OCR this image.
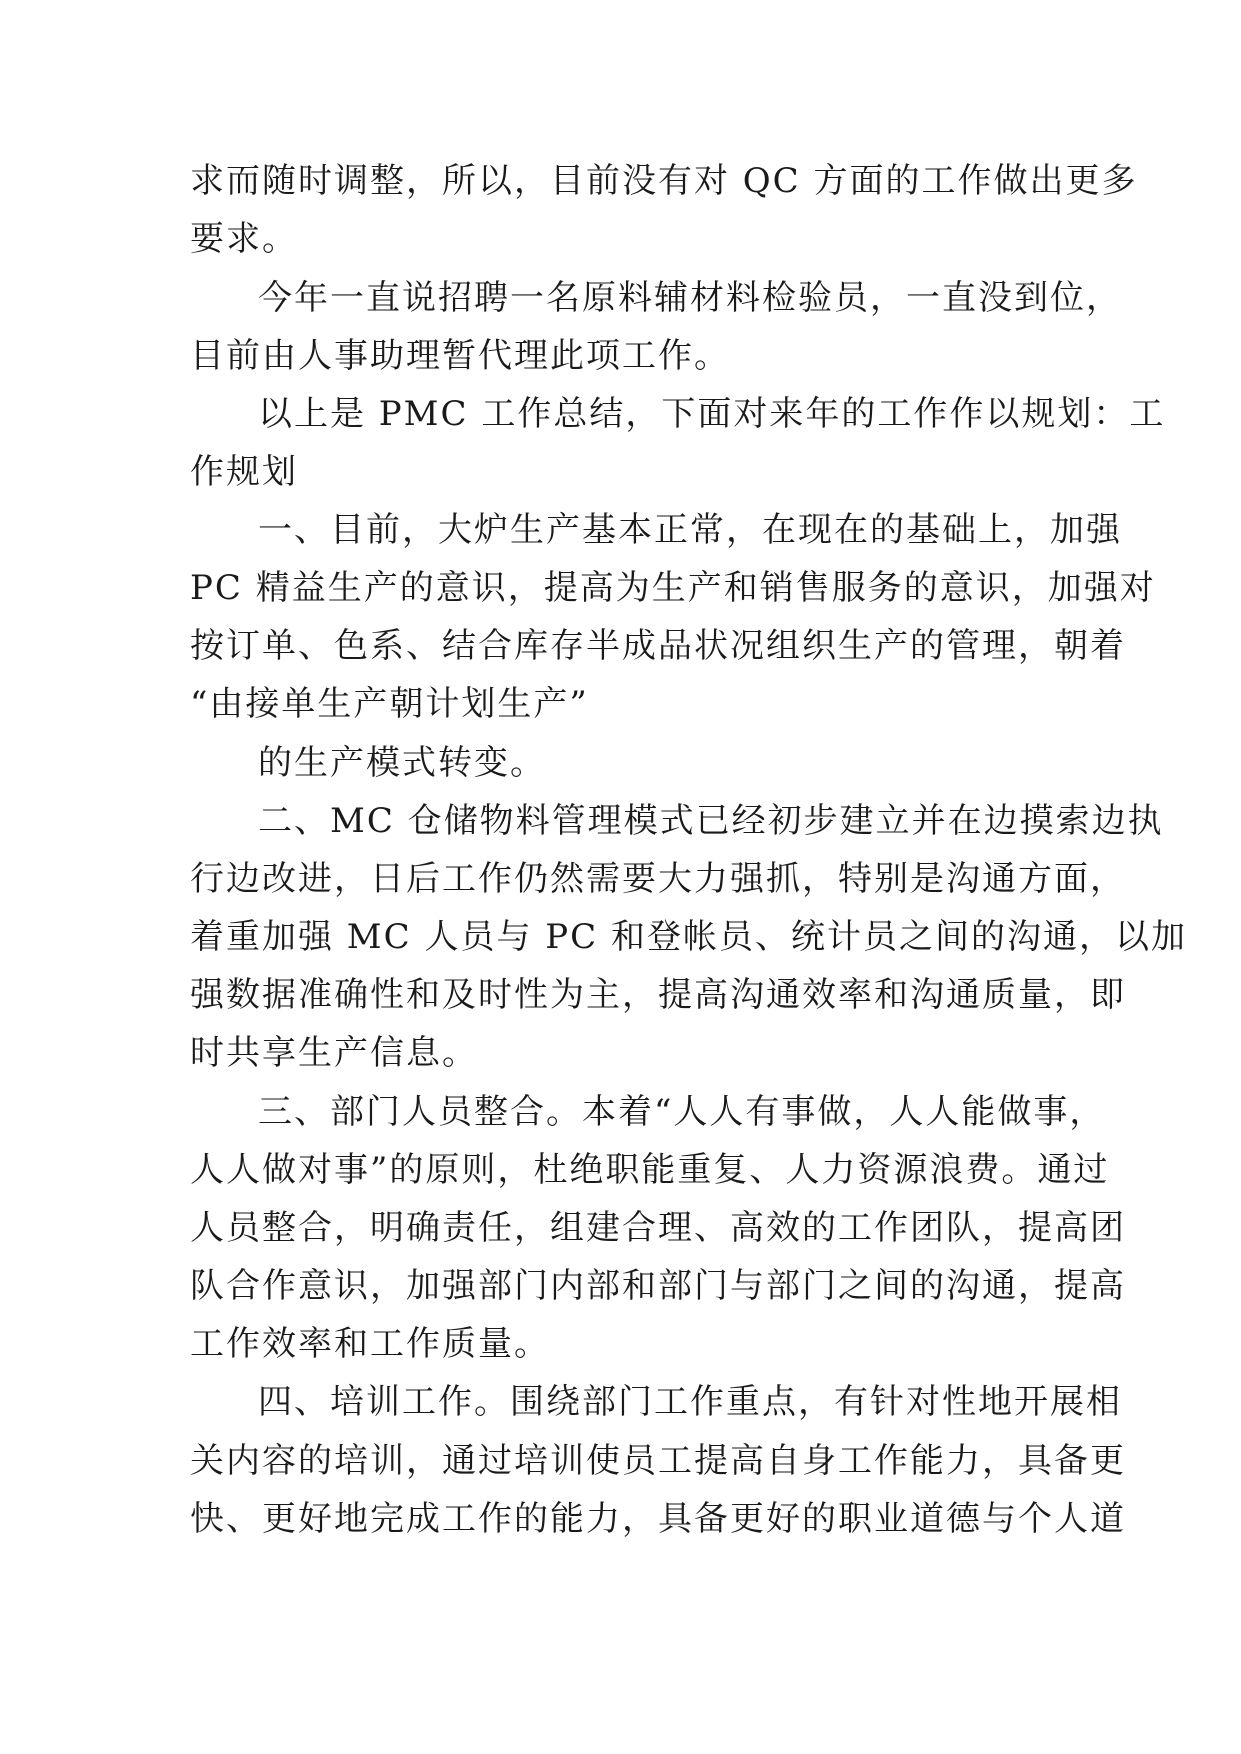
求而随时调整，所以，目前没有对 QC 方面的工作做出更多
要求。
今年一直说招聘一名原料辅材料检验员，一直没到位，
目前由人事助理暂代理此项工作。
以上是 PMC 工作总结，下面对来年的工作作以规划：工
作规划
一、目前，大炉生产基本正常，在现在的基础上，加强
PC 精益生产的意识，提高为生产和销售服务的意识，加强对
按订单、色系、结合库存半成品状况组织生产的管理，朝着
“由接单生产朝计划生产”
的生产模式转变。
二、MC 仓储物料管理模式已经初步建立并在边摸索边执
行边改进，日后工作仍然需要大力强抓，特别是沟通方面，
着重加强 MC 人员与 PC 和登帐员、统计员之间的沟通，以加
强数据准确性和及时性为主，提高沟通效率和沟通质量，即
时共享生产信息。
三、部门人员整合。本着“人人有事做，人人能做事，
人人做对事”的原则，杜绝职能重复、人力资源浪费。通过
人员整合，明确责任，组建合理、高效的工作团队，提高团
队合作意识，加强部门内部和部门与部门之间的沟通，提高
工作效率和工作质量。
四、培训工作。围绕部门工作重点，有针对性地开展相
关内容的培训，通过培训使员工提高自身工作能力，具备更
快、更好地完成工作的能力，具备更好的职业道德与个人道
